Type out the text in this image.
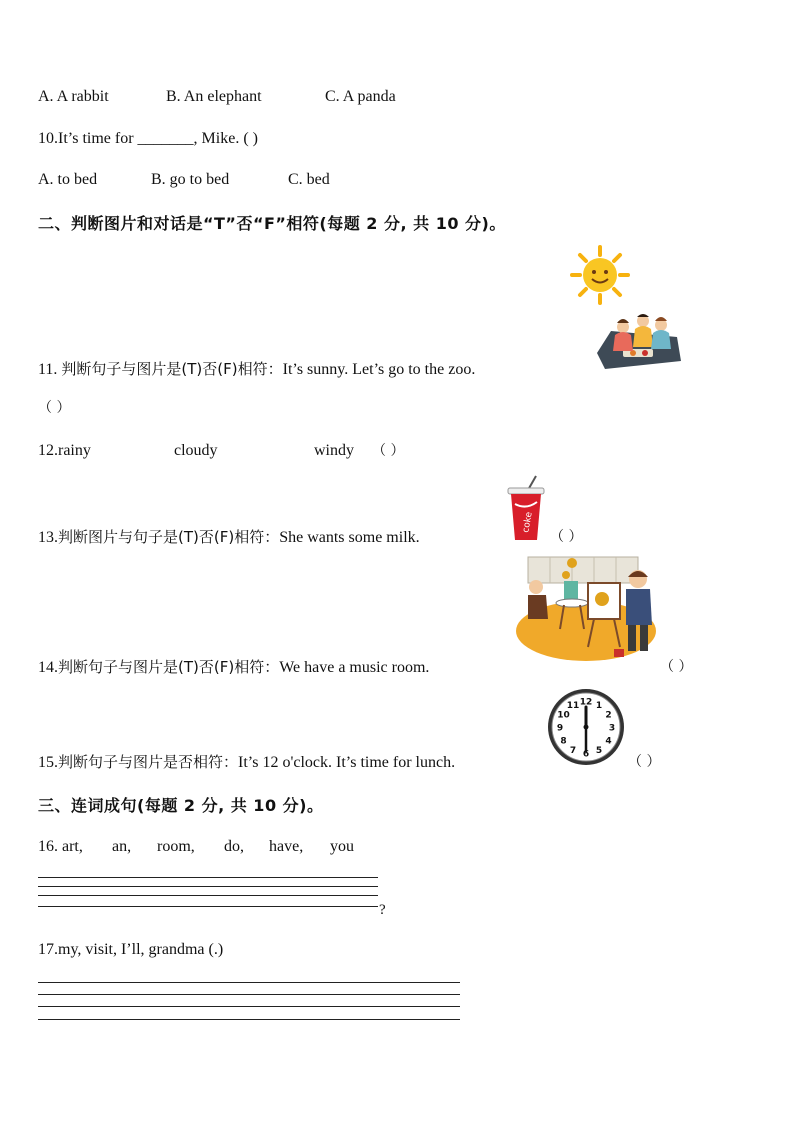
A. A rabbit	B. An elephant	C. A panda
10.It’s time for _______, Mike. ( )
A. to bed	B. go to bed	C. bed
二、判断图片和对话是“T”否“F”相符(每题 2 分, 共 10 分)。
11. 判断句子与图片是(T)否(F)相符：It’s sunny. Let’s go to the zoo.
（ ）
12.rainy	cloudy	windy （ ）
coke
13.判断图片与句子是(T)否(F)相符：She wants some milk.	（ ）
14.判断句子与图片是(T)否(F)相符：We have a music room.	（ ）
12 1
2
3
4
5
6
7
8
9
10
11
15.判断句子与图片是否相符：It’s 12 o'clock. It’s time for lunch.	（ ）
三、连词成句(每题 2 分, 共 10 分)。
16. art, an, room, do, have, you
?
17.my, visit, I’ll, grandma (.)
